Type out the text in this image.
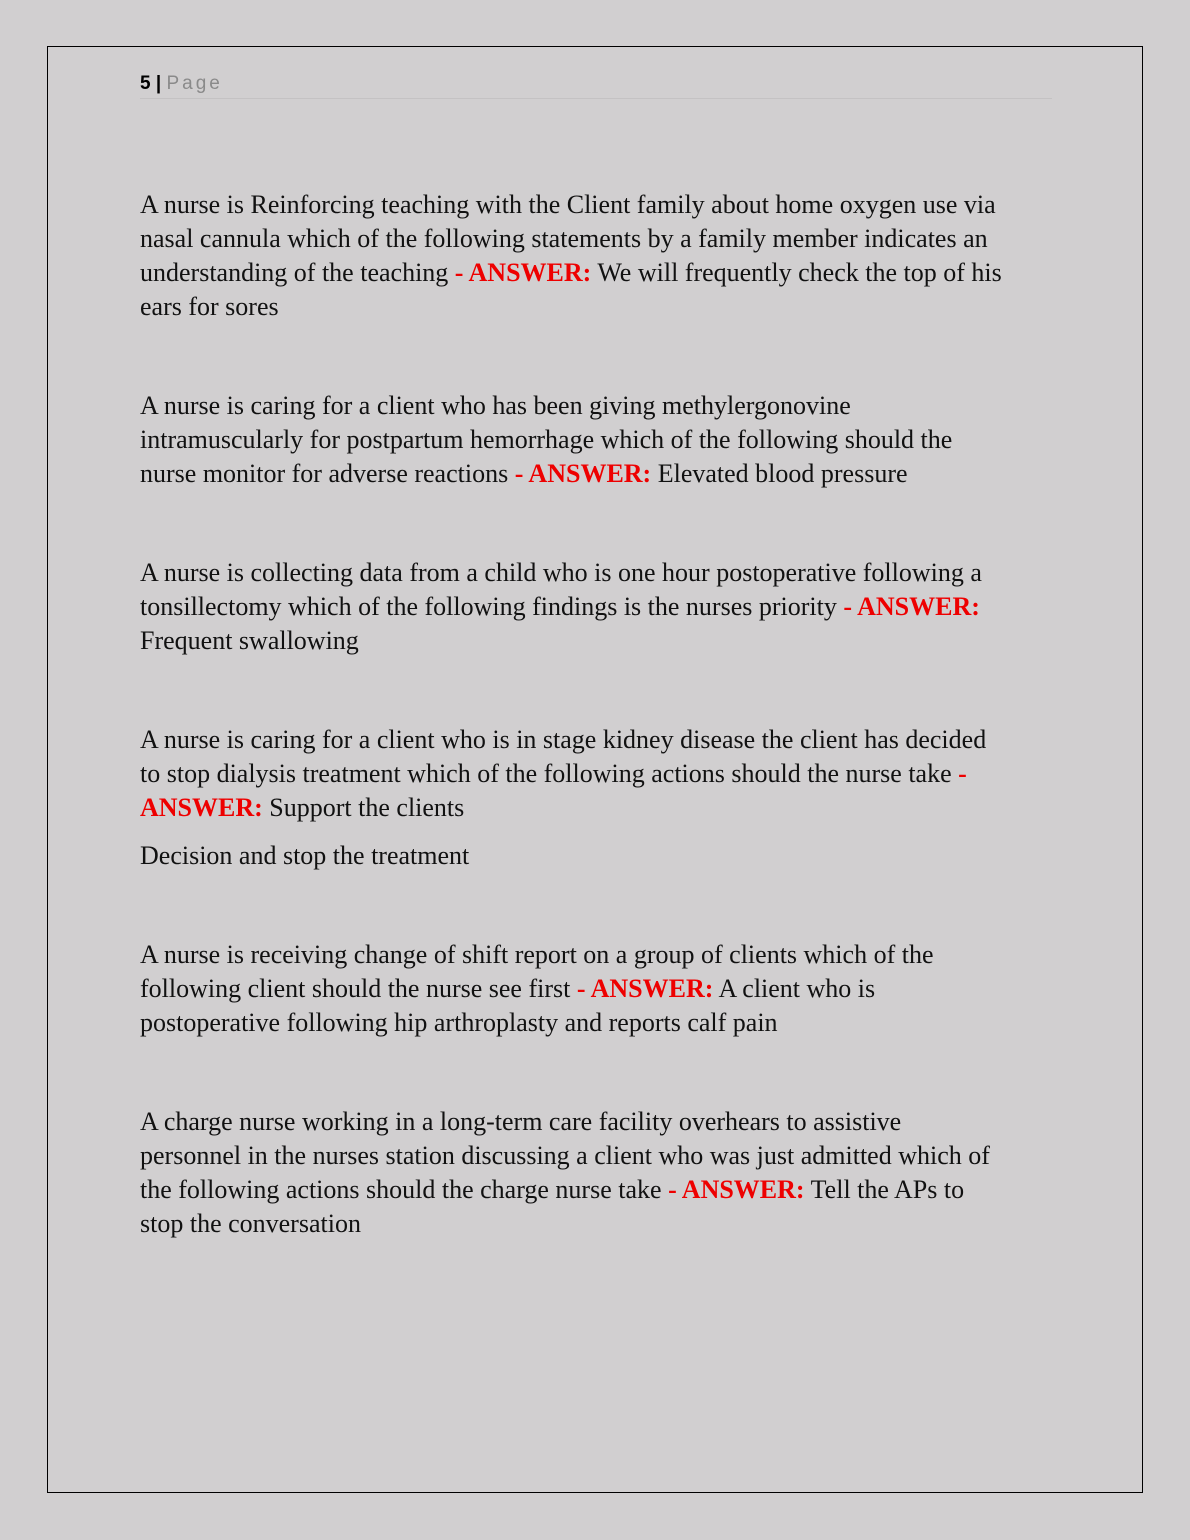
5 | Page
A nurse is Reinforcing teaching with the Client family about home oxygen use via
nasal cannula which of the following statements by a family member indicates an
understanding of the teaching - ANSWER: We will frequently check the top of his
ears for sores
A nurse is caring for a client who has been giving methylergonovine
intramuscularly for postpartum hemorrhage which of the following should the
nurse monitor for adverse reactions - ANSWER: Elevated blood pressure
A nurse is collecting data from a child who is one hour postoperative following a
tonsillectomy which of the following findings is the nurses priority - ANSWER:
Frequent swallowing
A nurse is caring for a client who is in stage kidney disease the client has decided
to stop dialysis treatment which of the following actions should the nurse take -
ANSWER: Support the clients
Decision and stop the treatment
A nurse is receiving change of shift report on a group of clients which of the
following client should the nurse see first - ANSWER: A client who is
postoperative following hip arthroplasty and reports calf pain
A charge nurse working in a long-term care facility overhears to assistive
personnel in the nurses station discussing a client who was just admitted which of
the following actions should the charge nurse take - ANSWER: Tell the APs to
stop the conversation
